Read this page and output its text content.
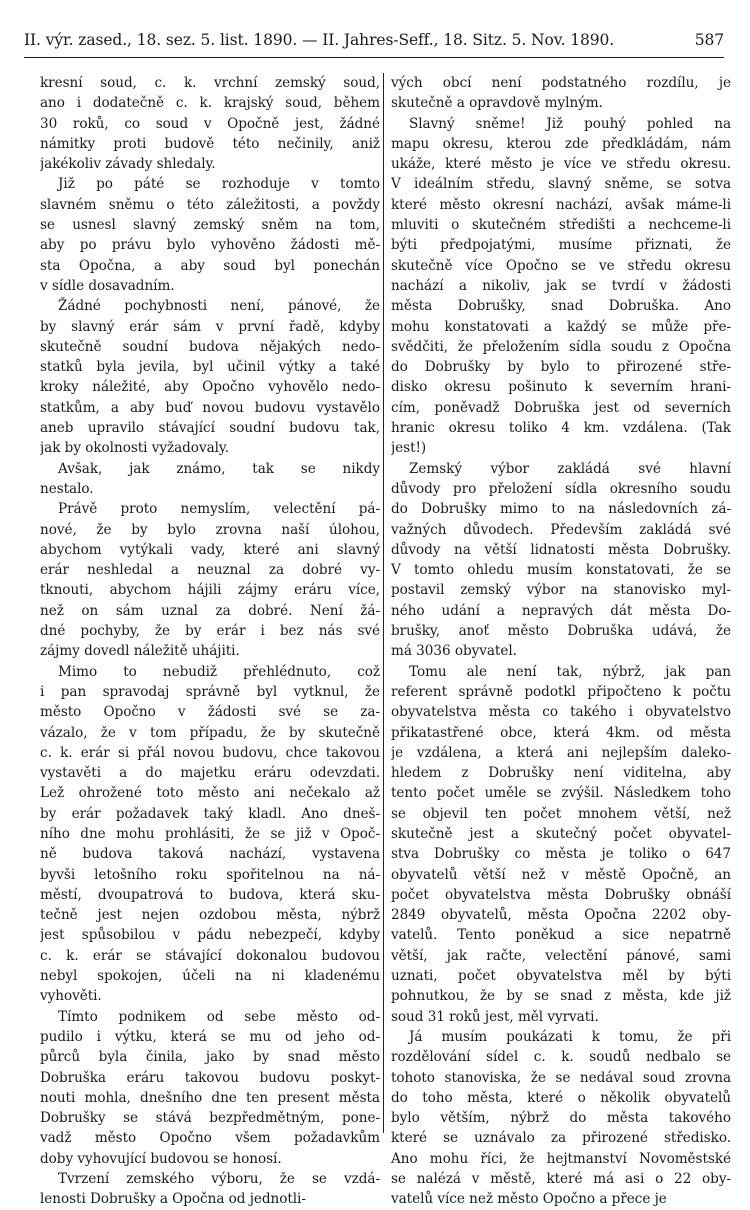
II. výr. zased., 18. sez. 5. list. 1890. — II. Jahres-Seff., 18. Sitz. 5. Nov. 1890.	587
kresní soud, c. k. vrchní zemský soud,
ano i dodatečně c. k. krajský soud, během
30 roků, co soud v Opočně jest, žádné
námitky proti budově této nečinily, aniž
jakékoliv závady shledaly.
Již po páté se rozhoduje v tomto
slavném sněmu o této záležitosti, a povždy
se usnesl slavný zemský sněm na tom,
aby po právu bylo vyhověno žádosti mě-
sta Opočna, a aby soud byl ponechán
v sídle dosavadním.
Žádné pochybnosti není, pánové, že
by slavný erár sám v první řadě, kdyby
skutečně soudní budova nějakých nedo-
statků byla jevila, byl učinil výtky a také
kroky náležité, aby Opočno vyhovělo nedo-
statkům, a aby buď novou budovu vystavělo
aneb upravilo stávající soudní budovu tak,
jak by okolnosti vyžadovaly.
Avšak, jak známo, tak se nikdy
nestalo.
Právě proto nemyslím, velectění pá-
nové, že by bylo zrovna naší úlohou,
abychom vytýkali vady, které ani slavný
erár neshledal a neuznal za dobré vy-
tknouti, abychom hájili zájmy eráru více,
než on sám uznal za dobré. Není žá-
dné pochyby, že by erár i bez nás své
zájmy dovedl náležitě uhájiti.
Mimo to nebudiž přehlédnuto, což
i pan spravodaj správně byl vytknul, že
město Opočno v žádosti své se za-
vázalo, že v tom případu, že by skutečně
c. k. erár si přál novou budovu, chce takovou
vystavěti a do majetku eráru odevzdati.
Lež ohrožené toto město ani nečekalo až
by erár požadavek taký kladl. Ano dneš-
ního dne mohu prohlásiti, že se již v Opoč-
ně budova taková nachází, vystavena
byvši letošního roku spořitelnou na ná-
městí, dvoupatrová to budova, která sku-
tečně jest nejen ozdobou města, nýbrž
jest spůsobilou v pádu nebezpečí, kdyby
c. k. erár se stávající dokonalou budovou
nebyl spokojen, účeli na ni kladenému
vyhověti.
Tímto podnikem od sebe město od-
pudilo i výtku, která se mu od jeho od-
půrců byla činila, jako by snad město
Dobruška eráru takovou budovu poskyt-
nouti mohla, dnešního dne ten present města
Dobrušky se stává bezpředmětným, pone-
vadž město Opočno všem požadavkům
doby vyhovující budovou se honosí.
Tvrzení zemského výboru, že se vzdá-
lenosti Dobrušky a Opočna od jednotli-
vých obcí není podstatného rozdílu, je
skutečně a opravdově mylným.
Slavný sněme! Již pouhý pohled na
mapu okresu, kterou zde předkládám, nám
ukáže, které město je více ve středu okresu.
V ideálním středu, slavný sněme, se sotva
které město okresní nachází, avšak máme-li
mluviti o skutečném středišti a nechceme-li
býti předpojatými, musíme přiznati, že
skutečně více Opočno se ve středu okresu
nachází a nikoliv, jak se tvrdí v žádosti
města Dobrušky, snad Dobruška. Ano
mohu konstatovati a každý se může pře-
svědčiti, že přeložením sídla soudu z Opočna
do Dobrušky by bylo to přirozené stře-
disko okresu pošinuto k severním hrani-
cím, poněvadž Dobruška jest od severních
hranic okresu toliko 4 km. vzdálena. (Tak
jest!)
Zemský výbor zakládá své hlavní
důvody pro přeložení sídla okresního soudu
do Dobrušky mimo to na následovních zá-
važných důvodech. Především zakládá své
důvody na větší lidnatosti města Dobrušky.
V tomto ohledu musím konstatovati, že se
postavil zemský výbor na stanovisko myl-
ného udání a nepravých dát města Do-
brušky, anoť město Dobruška udává, že
má 3036 obyvatel.
Tomu ale není tak, nýbrž, jak pan
referent správně podotkl připočteno k počtu
obyvatelstva města co takého i obyvatelstvo
přikatastřené obce, která 4km. od města
je vzdálena, a která ani nejlepším daleko-
hledem z Dobrušky není viditelna, aby
tento počet uměle se zvýšil. Následkem toho
se objevil ten počet mnohem větší, než
skutečně jest a skutečný počet obyvatel-
stva Dobrušky co města je toliko o 647
obyvatelů větší než v městě Opočně, an
počet obyvatelstva města Dobrušky obnáší
2849 obyvatelů, města Opočna 2202 oby-
vatelů. Tento poněkud a sice nepatrně
větší, jak račte, velectění pánové, sami
uznati, počet obyvatelstva měl by býti
pohnutkou, že by se snad z města, kde již
soud 31 roků jest, měl vyrvati.
Já musím poukázati k tomu, že při
rozdělování sídel c. k. soudů nedbalo se
tohoto stanoviska, že se nedával soud zrovna
do toho města, které o několik obyvatelů
bylo větším, nýbrž do města takového
které se uznávalo za přirozené středisko.
Ano mohu říci, že hejtmanství Novoměstské
se nalézá v městě, které má asi o 22 oby-
vatelů více než město Opočno a přece je
